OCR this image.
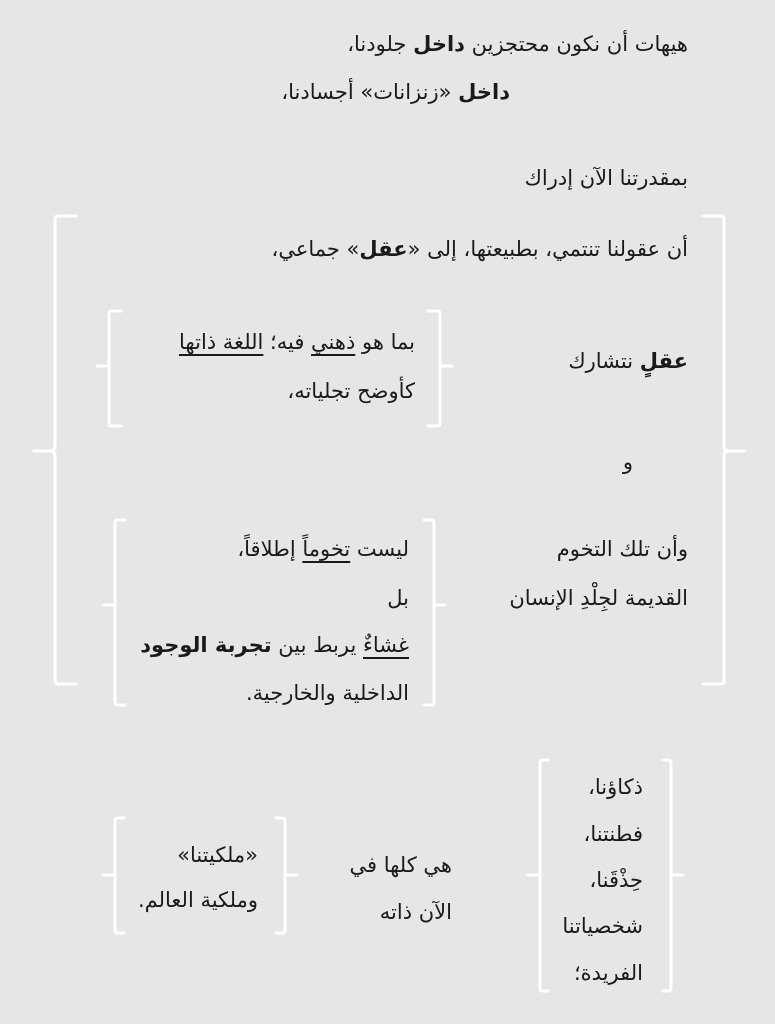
هيهات أن نكون محتجزين داخل جلودنا،
داخل «زنزانات» أجسادنا،
بمقدرتنا الآن إدراك
أن عقولنا تنتمي، بطبيعتها، إلى «عقل» جماعي،
عقلٍ نتشارك
بما هو ذهني فيه؛ اللغة ذاتها
كأوضح تجلياته،
و
وأن تلك التخوم
القديمة لجِلْدِ الإنسان
ليست تخوماً إطلاقاً،
بل
غشاءٌ يربط بين تجربة الوجود
الداخلية والخارجية.
ذكاؤنا،
فطنتنا،
حِذْقَنا،
شخصياتنا
الفريدة؛
هي كلها في
الآن ذاته
«ملكيتنا»
وملكية العالم.
